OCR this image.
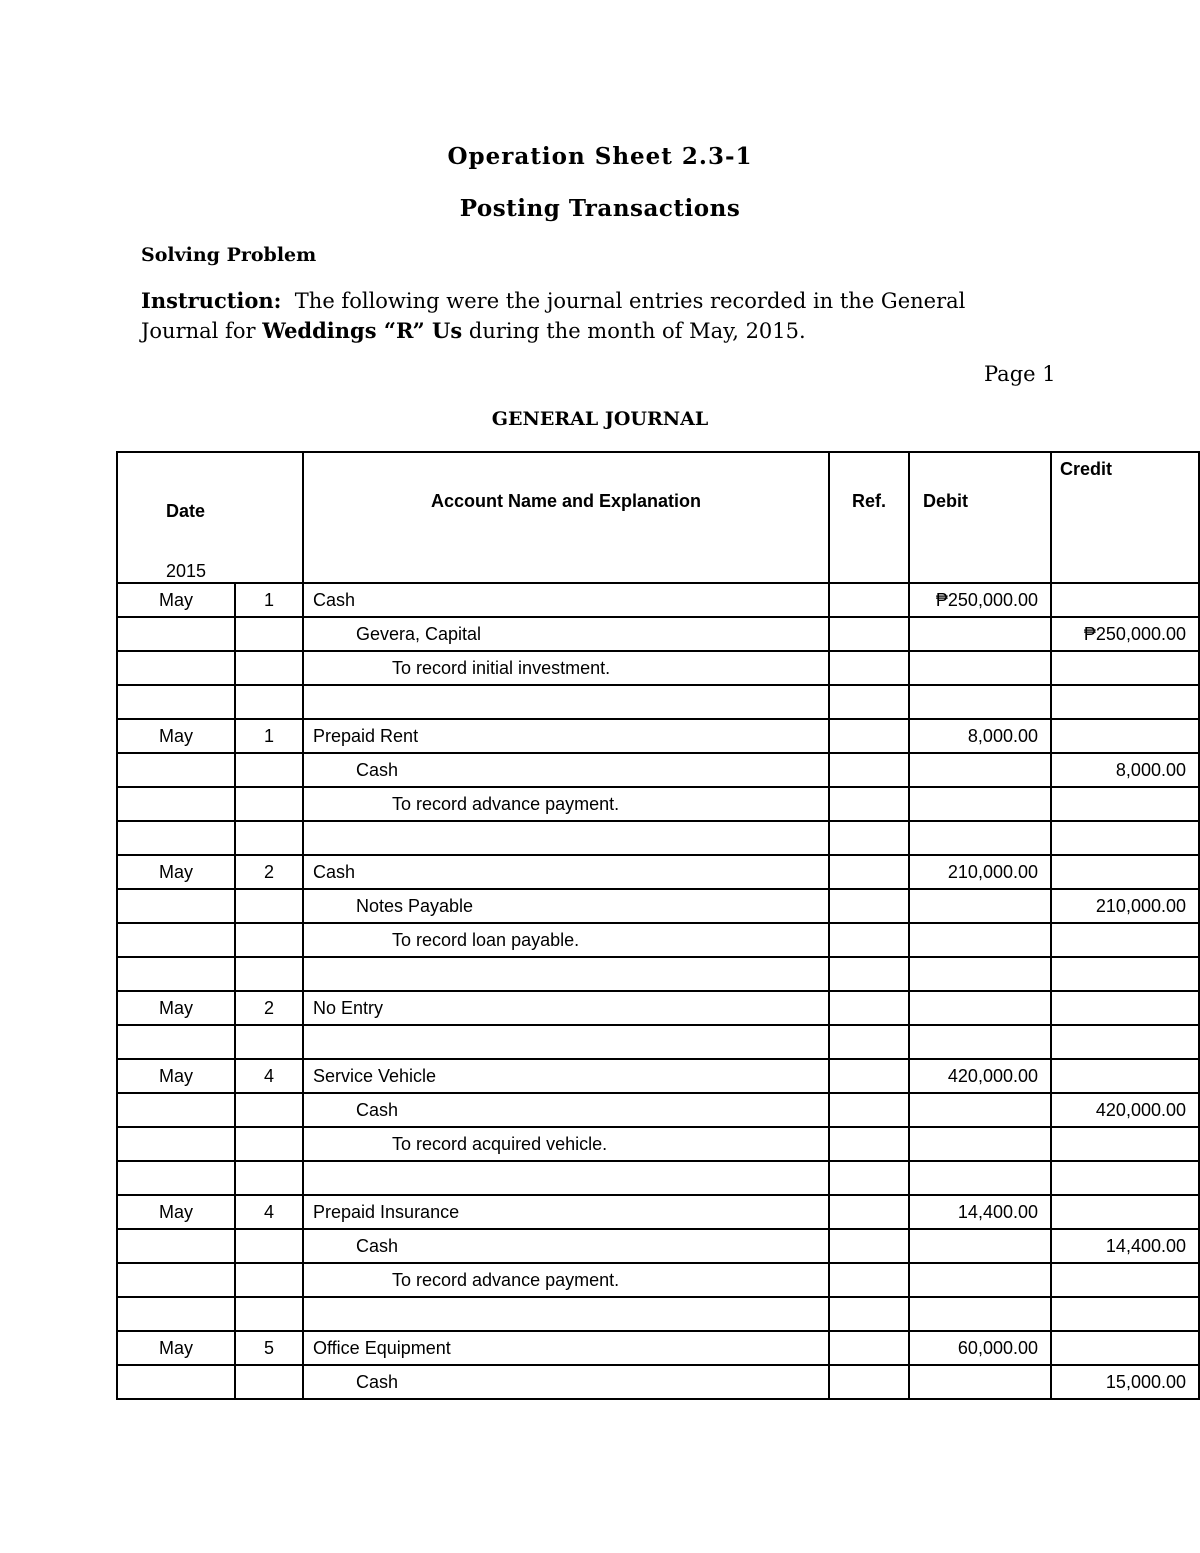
Operation Sheet 2.3-1
Posting Transactions
Solving Problem
Instruction: The following were the journal entries recorded in the General Journal for Weddings “R” Us during the month of May, 2015.
Page 1
GENERAL JOURNAL
Date
2015		Account Name and Explanation	Ref.	Debit	Credit

May	1	Cash		₱250,000.00	
		Gevera, Capital			₱250,000.00
		To record initial investment.			

May	1	Prepaid Rent		8,000.00	
		Cash			8,000.00
		To record advance payment.			

May	2	Cash		210,000.00	
		Notes Payable			210,000.00
		To record loan payable.			

May	2	No Entry			

May	4	Service Vehicle		420,000.00	
		Cash			420,000.00
		To record acquired vehicle.			

May	4	Prepaid Insurance		14,400.00	
		Cash			14,400.00
		To record advance payment.			

May	5	Office Equipment		60,000.00	
		Cash			15,000.00
